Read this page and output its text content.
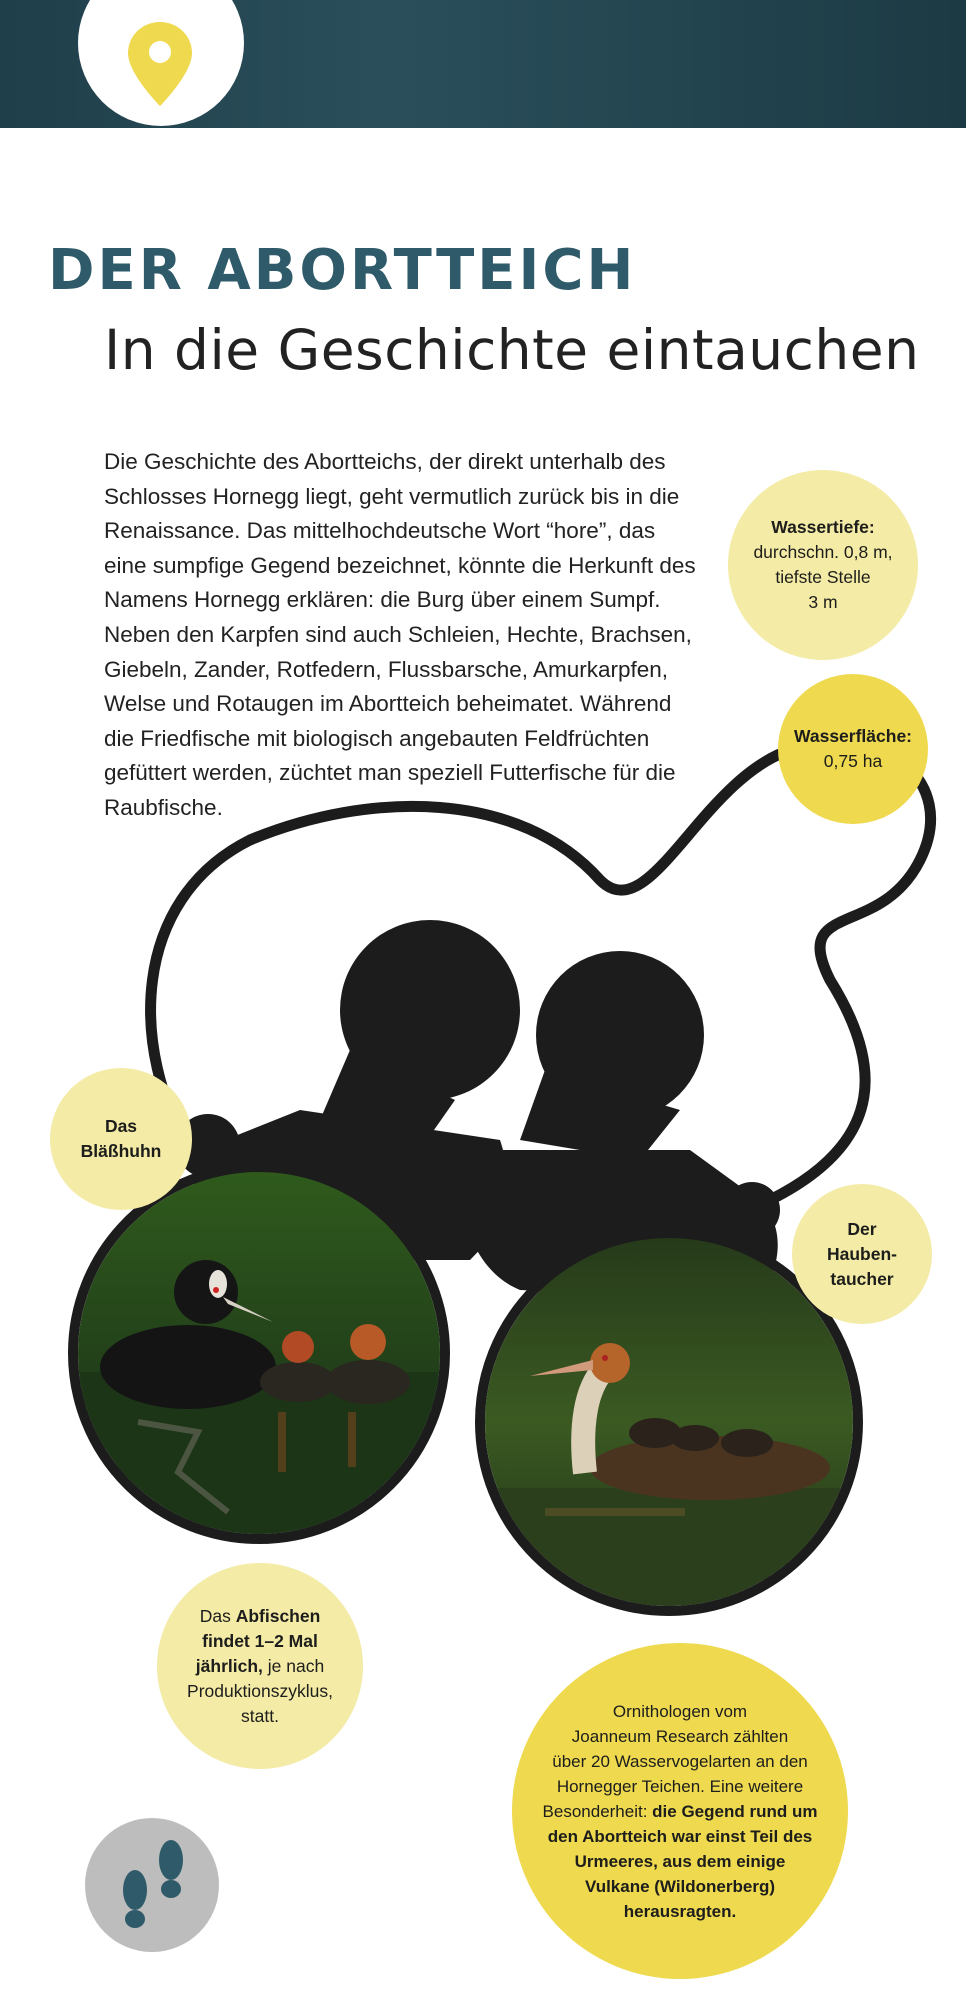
DER ABORTTEICH
In die Geschichte eintauchen

Die Geschichte des Abortteichs, der direkt unterhalb des
Schlosses Hornegg liegt, geht vermutlich zurück bis in die
Renaissance. Das mittelhochdeutsche Wort “hore”, das
eine sumpfige Gegend bezeichnet, könnte die Herkunft des
Namens Hornegg erklären: die Burg über einem Sumpf.
Neben den Karpfen sind auch Schleien, Hechte, Brachsen,
Giebeln, Zander, Rotfedern, Flussbarsche, Amurkarpfen,
Welse und Rotaugen im Abortteich beheimatet. Während
die Friedfische mit biologisch angebauten Feldfrüchten
gefüttert werden, züchtet man speziell Futterfische für die
Raubfische.

Wassertiefe:
durchschn. 0,8 m,
tiefste Stelle
3 m
Wasserfläche:
0,75 ha
Das
Bläßhuhn
Der
Hauben-
taucher
Das Abfischen
findet 1–2 Mal
jährlich, je nach
Produktionszyklus,
statt.	Ornithologen vom
Joanneum Research zählten
über 20 Wasservogelarten an den
Hornegger Teichen. Eine weitere
Besonderheit: die Gegend rund um
den Abortteich war einst Teil des
Urmeeres, aus dem einige
Vulkane (Wildonerberg)
herausragten.
